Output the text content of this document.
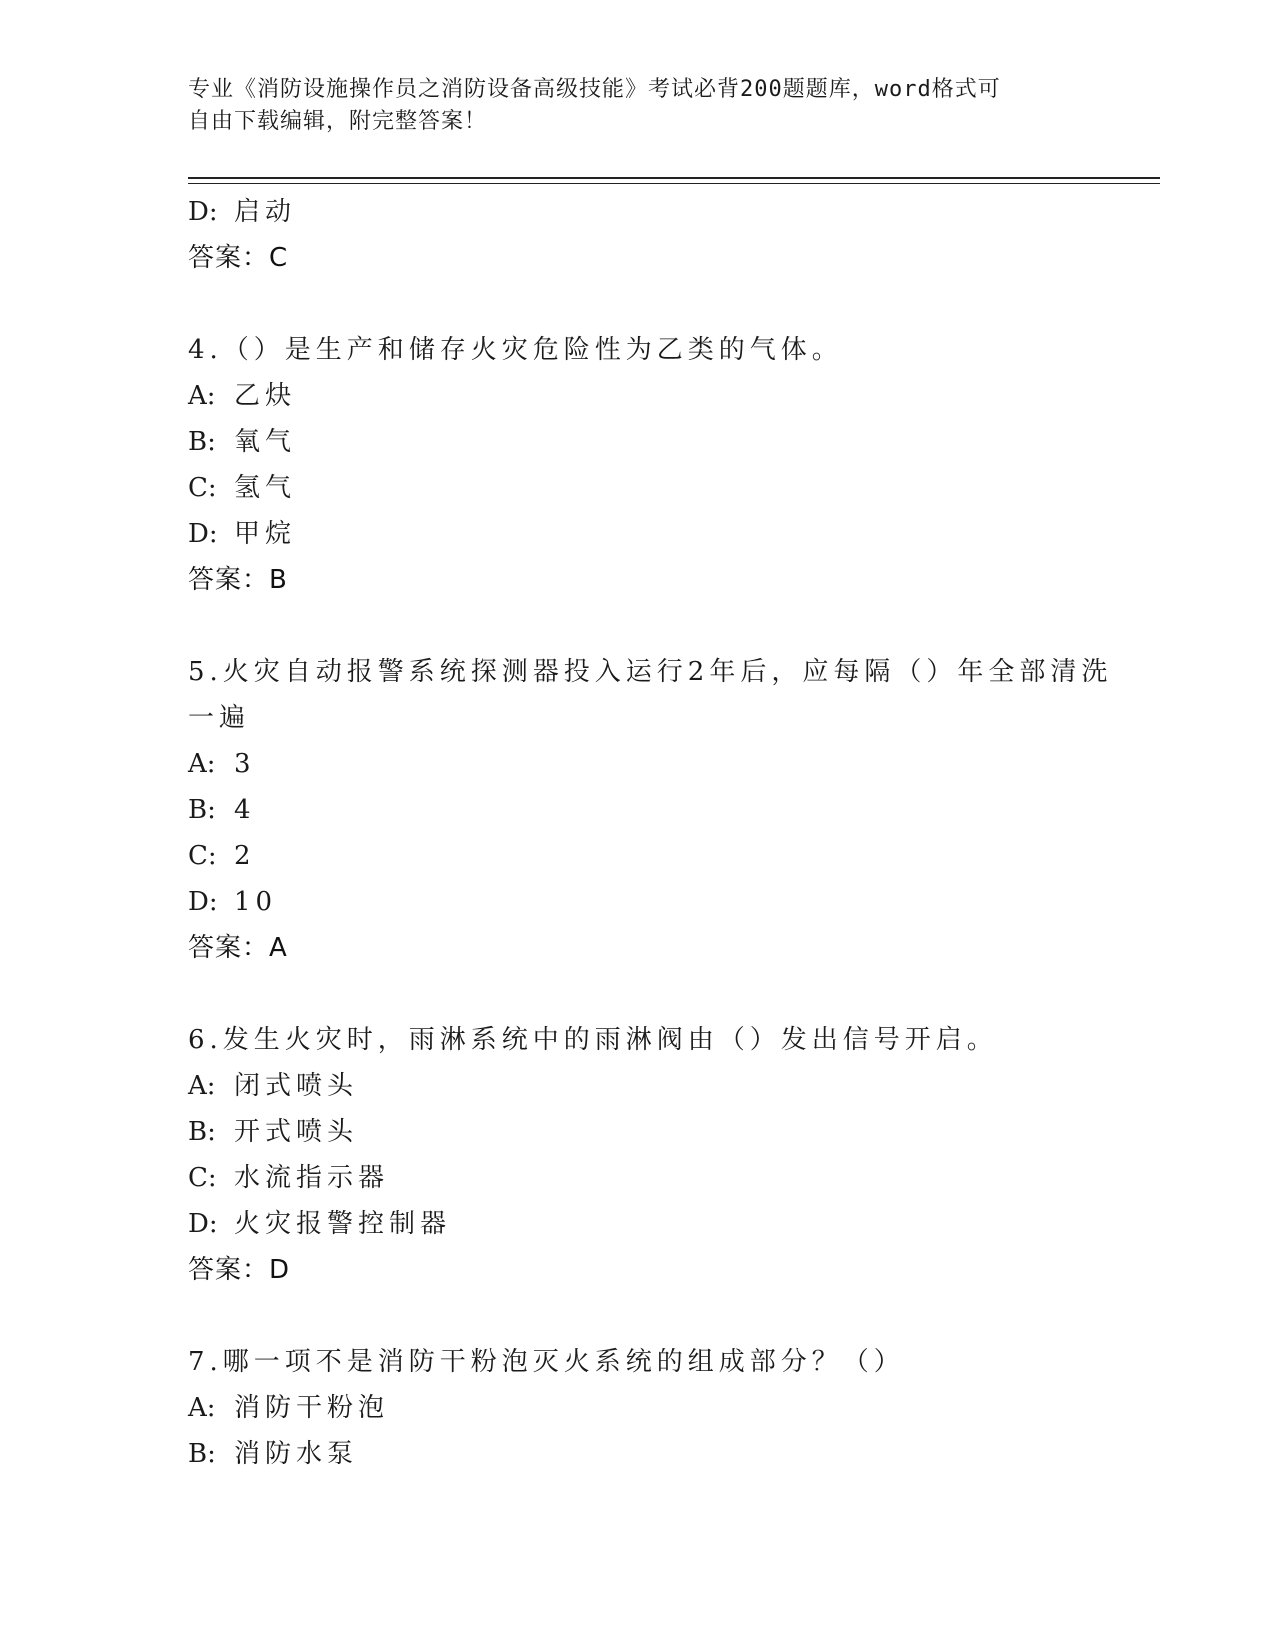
专业《消防设施操作员之消防设备高级技能》考试必背200题题库，word格式可
自由下载编辑，附完整答案！
D: 启动
答案：C
4.（）是生产和储存火灾危险性为乙类的气体。
A: 乙炔
B: 氧气
C: 氢气
D: 甲烷
答案：B
5.火灾自动报警系统探测器投入运行2年后，应每隔（）年全部清洗
一遍
A: 3
B: 4
C: 2
D: 10
答案：A
6.发生火灾时，雨淋系统中的雨淋阀由（）发出信号开启。
A: 闭式喷头
B: 开式喷头
C: 水流指示器
D: 火灾报警控制器
答案：D
7.哪一项不是消防干粉泡灭火系统的组成部分？（）
A: 消防干粉泡
B: 消防水泵
